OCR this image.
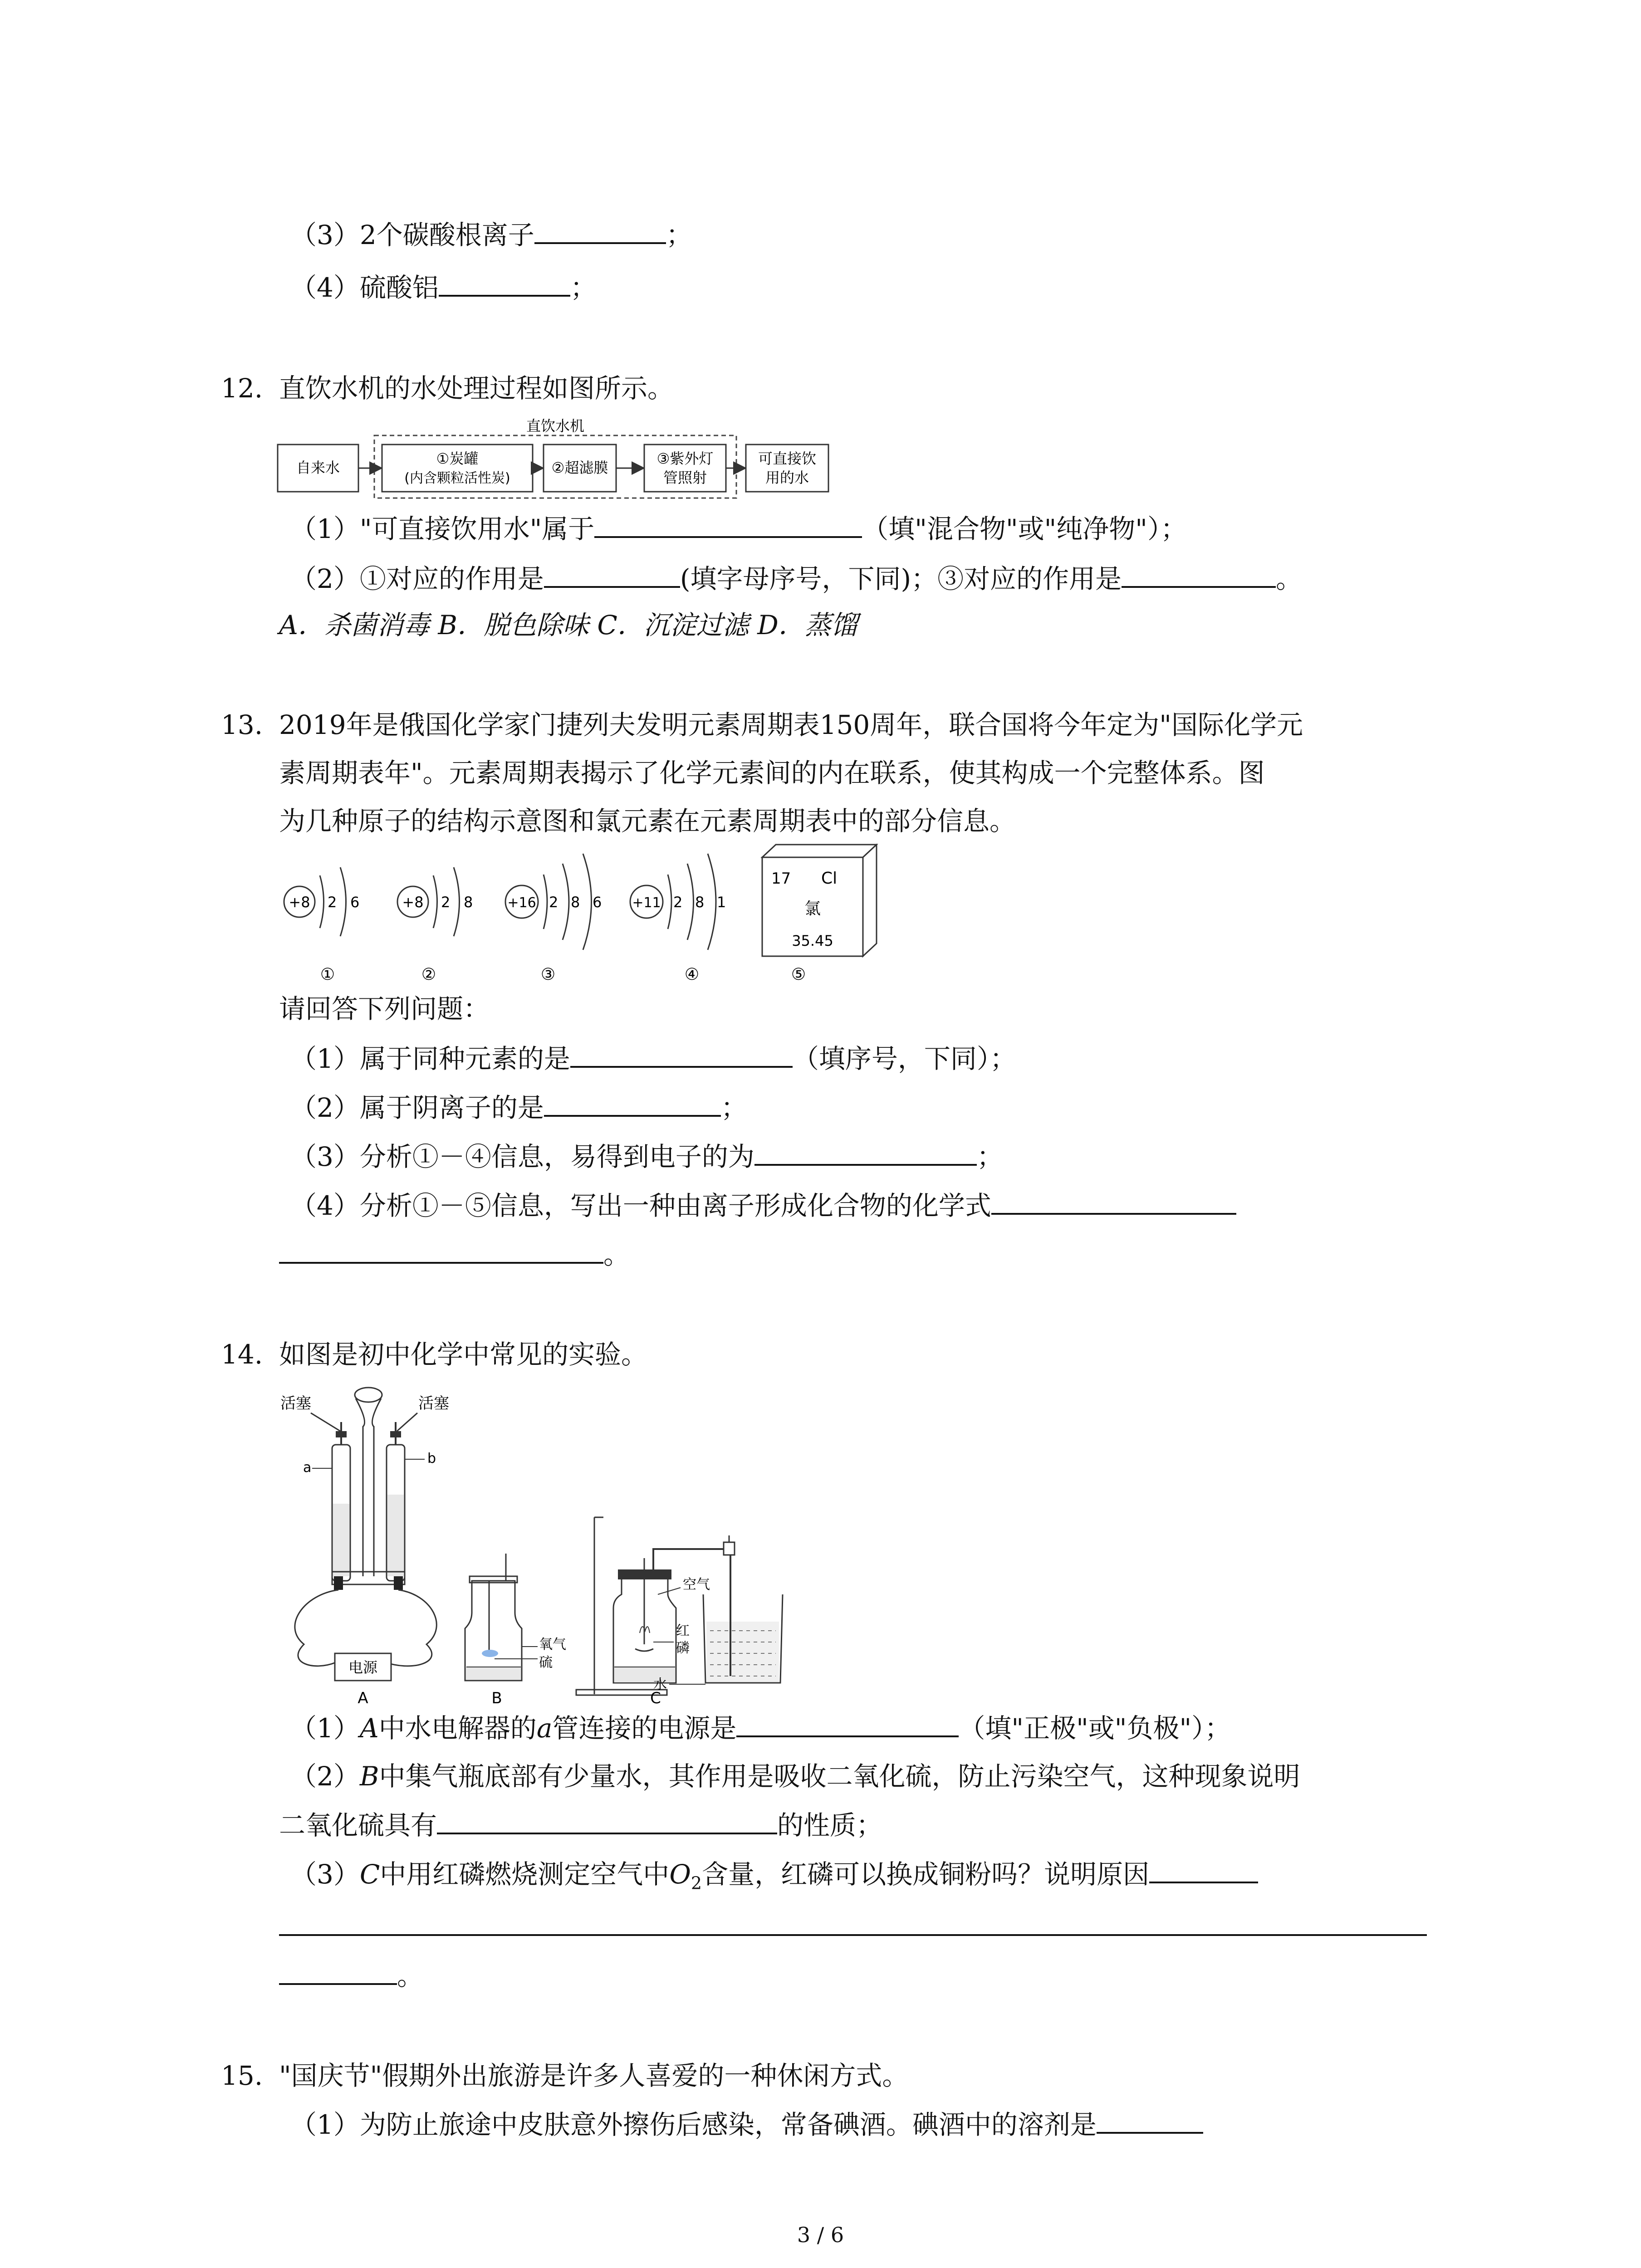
（3）2个碳酸根离子	；
（4）硫酸铝	；
12. 直饮水机的水处理过程如图所示。
直饮水机
自来水
①炭罐
(内含颗粒活性炭)
②超滤膜
③紫外灯
管照射
可直接饮
用的水
（1）"可直接饮用水"属于	（填"混合物"或"纯净物"）；
（2）①对应的作用是	(填字母序号，下同)；③对应的作用是	。
A．杀菌消毒 B．脱色除味 C．沉淀过滤 D．蒸馏
13. 2019年是俄国化学家门捷列夫发明元素周期表150周年，联合国将今年定为"国际化学元
素周期表年"。元素周期表揭示了化学元素间的内在联系，使其构成一个完整体系。图
为几种原子的结构示意图和氯元素在元素周期表中的部分信息。
+8 2 6
①
+8 2 8
②
+16 2 8 6
③
+11 2 8 1
④
17 Cl
氯
35.45
⑤
请回答下列问题：
（1）属于同种元素的是	（填序号，下同）；
（2）属于阴离子的是	；
（3）分析①－④信息，易得到电子的为	；
（4）分析①－⑤信息，写出一种由离子形成化合物的化学式
。
14. 如图是初中化学中常见的实验。
活塞	活塞
a
b
电源
A
氧气
硫
B
空气
红
磷
水
C
（1）A中水电解器的a管连接的电源是	（填"正极"或"负极"）；
（2）B中集气瓶底部有少量水，其作用是吸收二氧化硫，防止污染空气，这种现象说明
二氧化硫具有	的性质；
（3）C中用红磷燃烧测定空气中$O_2$含量，红磷可以换成铜粉吗？说明原因
。
15. "国庆节"假期外出旅游是许多人喜爱的一种休闲方式。
（1）为防止旅途中皮肤意外擦伤后感染，常备碘酒。碘酒中的溶剂是
3 / 6
